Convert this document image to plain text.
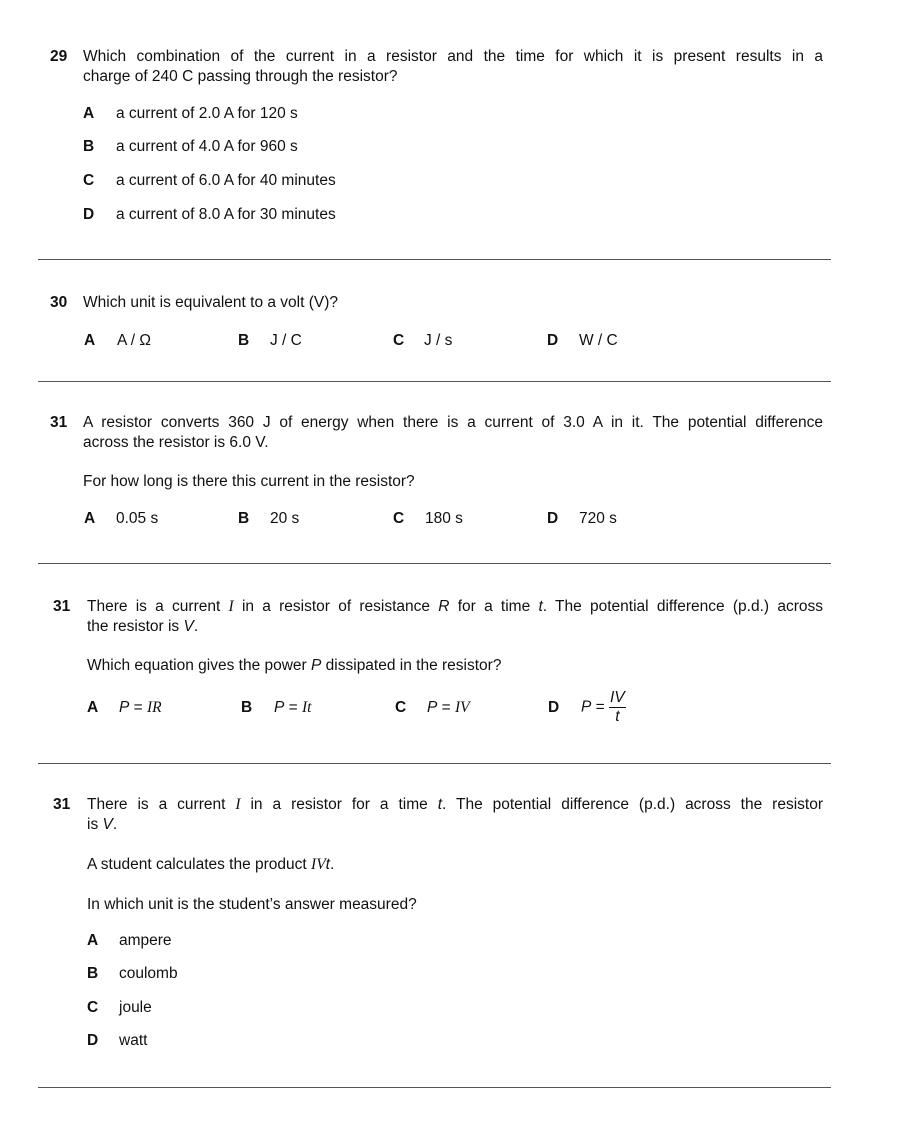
29 Which combination of the current in a resistor and the time for which it is present results in a
charge of 240 C passing through the resistor?
A a current of 2.0 A for 120 s
B a current of 4.0 A for 960 s
C a current of 6.0 A for 40 minutes
D a current of 8.0 A for 30 minutes
30 Which unit is equivalent to a volt (V)?
A A / Ω	B J / C	C J / s	D W / C
31 A resistor converts 360 J of energy when there is a current of 3.0 A in it. The potential difference
across the resistor is 6.0 V.
For how long is there this current in the resistor?
A 0.05 s	B 20 s	C 180 s	D 720 s
31 There is a current I in a resistor of resistance R for a time t. The potential difference (p.d.) across
the resistor is V.
Which equation gives the power P dissipated in the resistor?
A P = IR	B P = It	C P = IV	D $P = \frac{IV}{t}$
31 There is a current I in a resistor for a time t. The potential difference (p.d.) across the resistor
is V.
A student calculates the product IVt.
In which unit is the student’s answer measured?
A ampere
B coulomb
C joule
D watt
